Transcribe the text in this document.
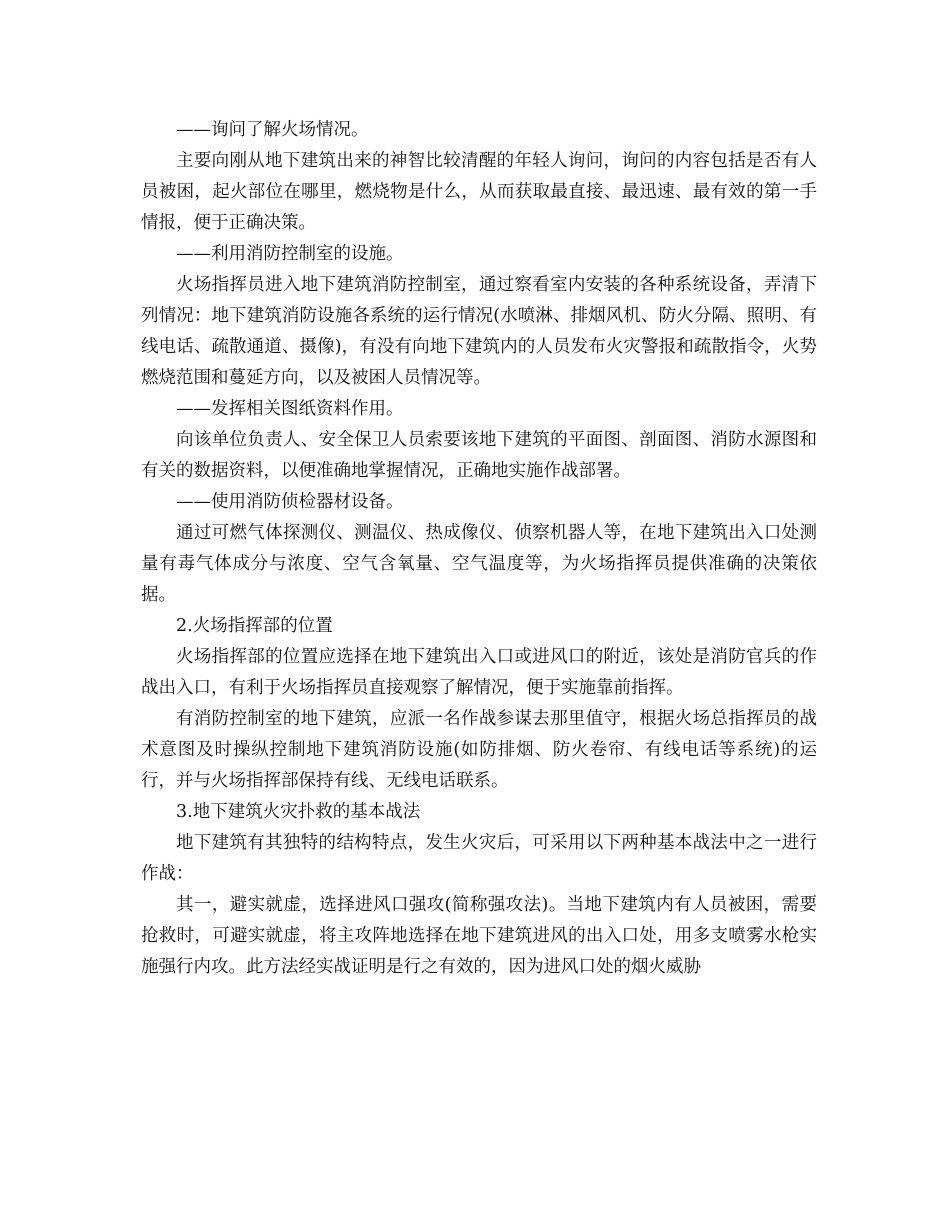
——询问了解火场情况。

主要向刚从地下建筑出来的神智比较清醒的年轻人询问，询问的内容包括是否有人员被困，起火部位在哪里，燃烧物是什么，从而获取最直接、最迅速、最有效的第一手情报，便于正确决策。

——利用消防控制室的设施。

火场指挥员进入地下建筑消防控制室，通过察看室内安装的各种系统设备，弄清下列情况：地下建筑消防设施各系统的运行情况(水喷淋、排烟风机、防火分隔、照明、有线电话、疏散通道、摄像)，有没有向地下建筑内的人员发布火灾警报和疏散指令，火势燃烧范围和蔓延方向，以及被困人员情况等。

——发挥相关图纸资料作用。

向该单位负责人、安全保卫人员索要该地下建筑的平面图、剖面图、消防水源图和有关的数据资料，以便准确地掌握情况，正确地实施作战部署。

——使用消防侦检器材设备。

通过可燃气体探测仪、测温仪、热成像仪、侦察机器人等，在地下建筑出入口处测量有毒气体成分与浓度、空气含氧量、空气温度等，为火场指挥员提供准确的决策依据。

2.火场指挥部的位置

火场指挥部的位置应选择在地下建筑出入口或进风口的附近，该处是消防官兵的作战出入口，有利于火场指挥员直接观察了解情况，便于实施靠前指挥。

有消防控制室的地下建筑，应派一名作战参谋去那里值守，根据火场总指挥员的战术意图及时操纵控制地下建筑消防设施(如防排烟、防火卷帘、有线电话等系统)的运行，并与火场指挥部保持有线、无线电话联系。

3.地下建筑火灾扑救的基本战法

地下建筑有其独特的结构特点，发生火灾后，可采用以下两种基本战法中之一进行作战：

其一，避实就虚，选择进风口强攻(简称强攻法)。当地下建筑内有人员被困，需要抢救时，可避实就虚，将主攻阵地选择在地下建筑进风的出入口处，用多支喷雾水枪实施强行内攻。此方法经实战证明是行之有效的，因为进风口处的烟火威胁
